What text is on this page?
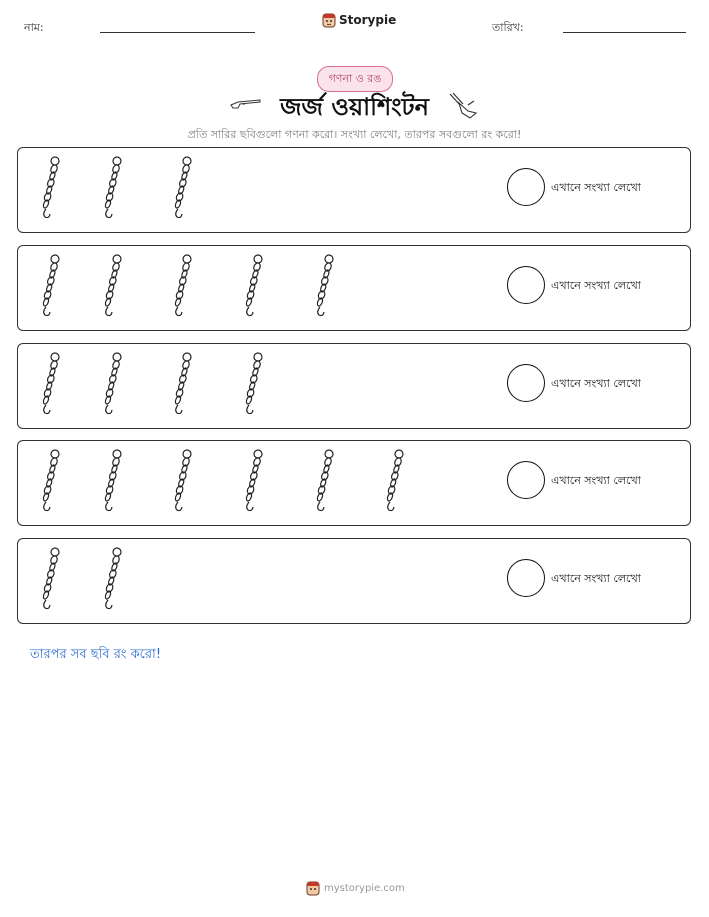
নাম:
Storypie
তারিখ:
গণনা ও রঙ
জর্জ ওয়াশিংটন
প্রতি সারির ছবিগুলো গণনা করো। সংখ্যা লেখো, তারপর সবগুলো রং করো!
এখানে সংখ্যা লেখো
এখানে সংখ্যা লেখো
এখানে সংখ্যা লেখো
এখানে সংখ্যা লেখো
এখানে সংখ্যা লেখো
তারপর সব ছবি রং করো!
mystorypie.com
